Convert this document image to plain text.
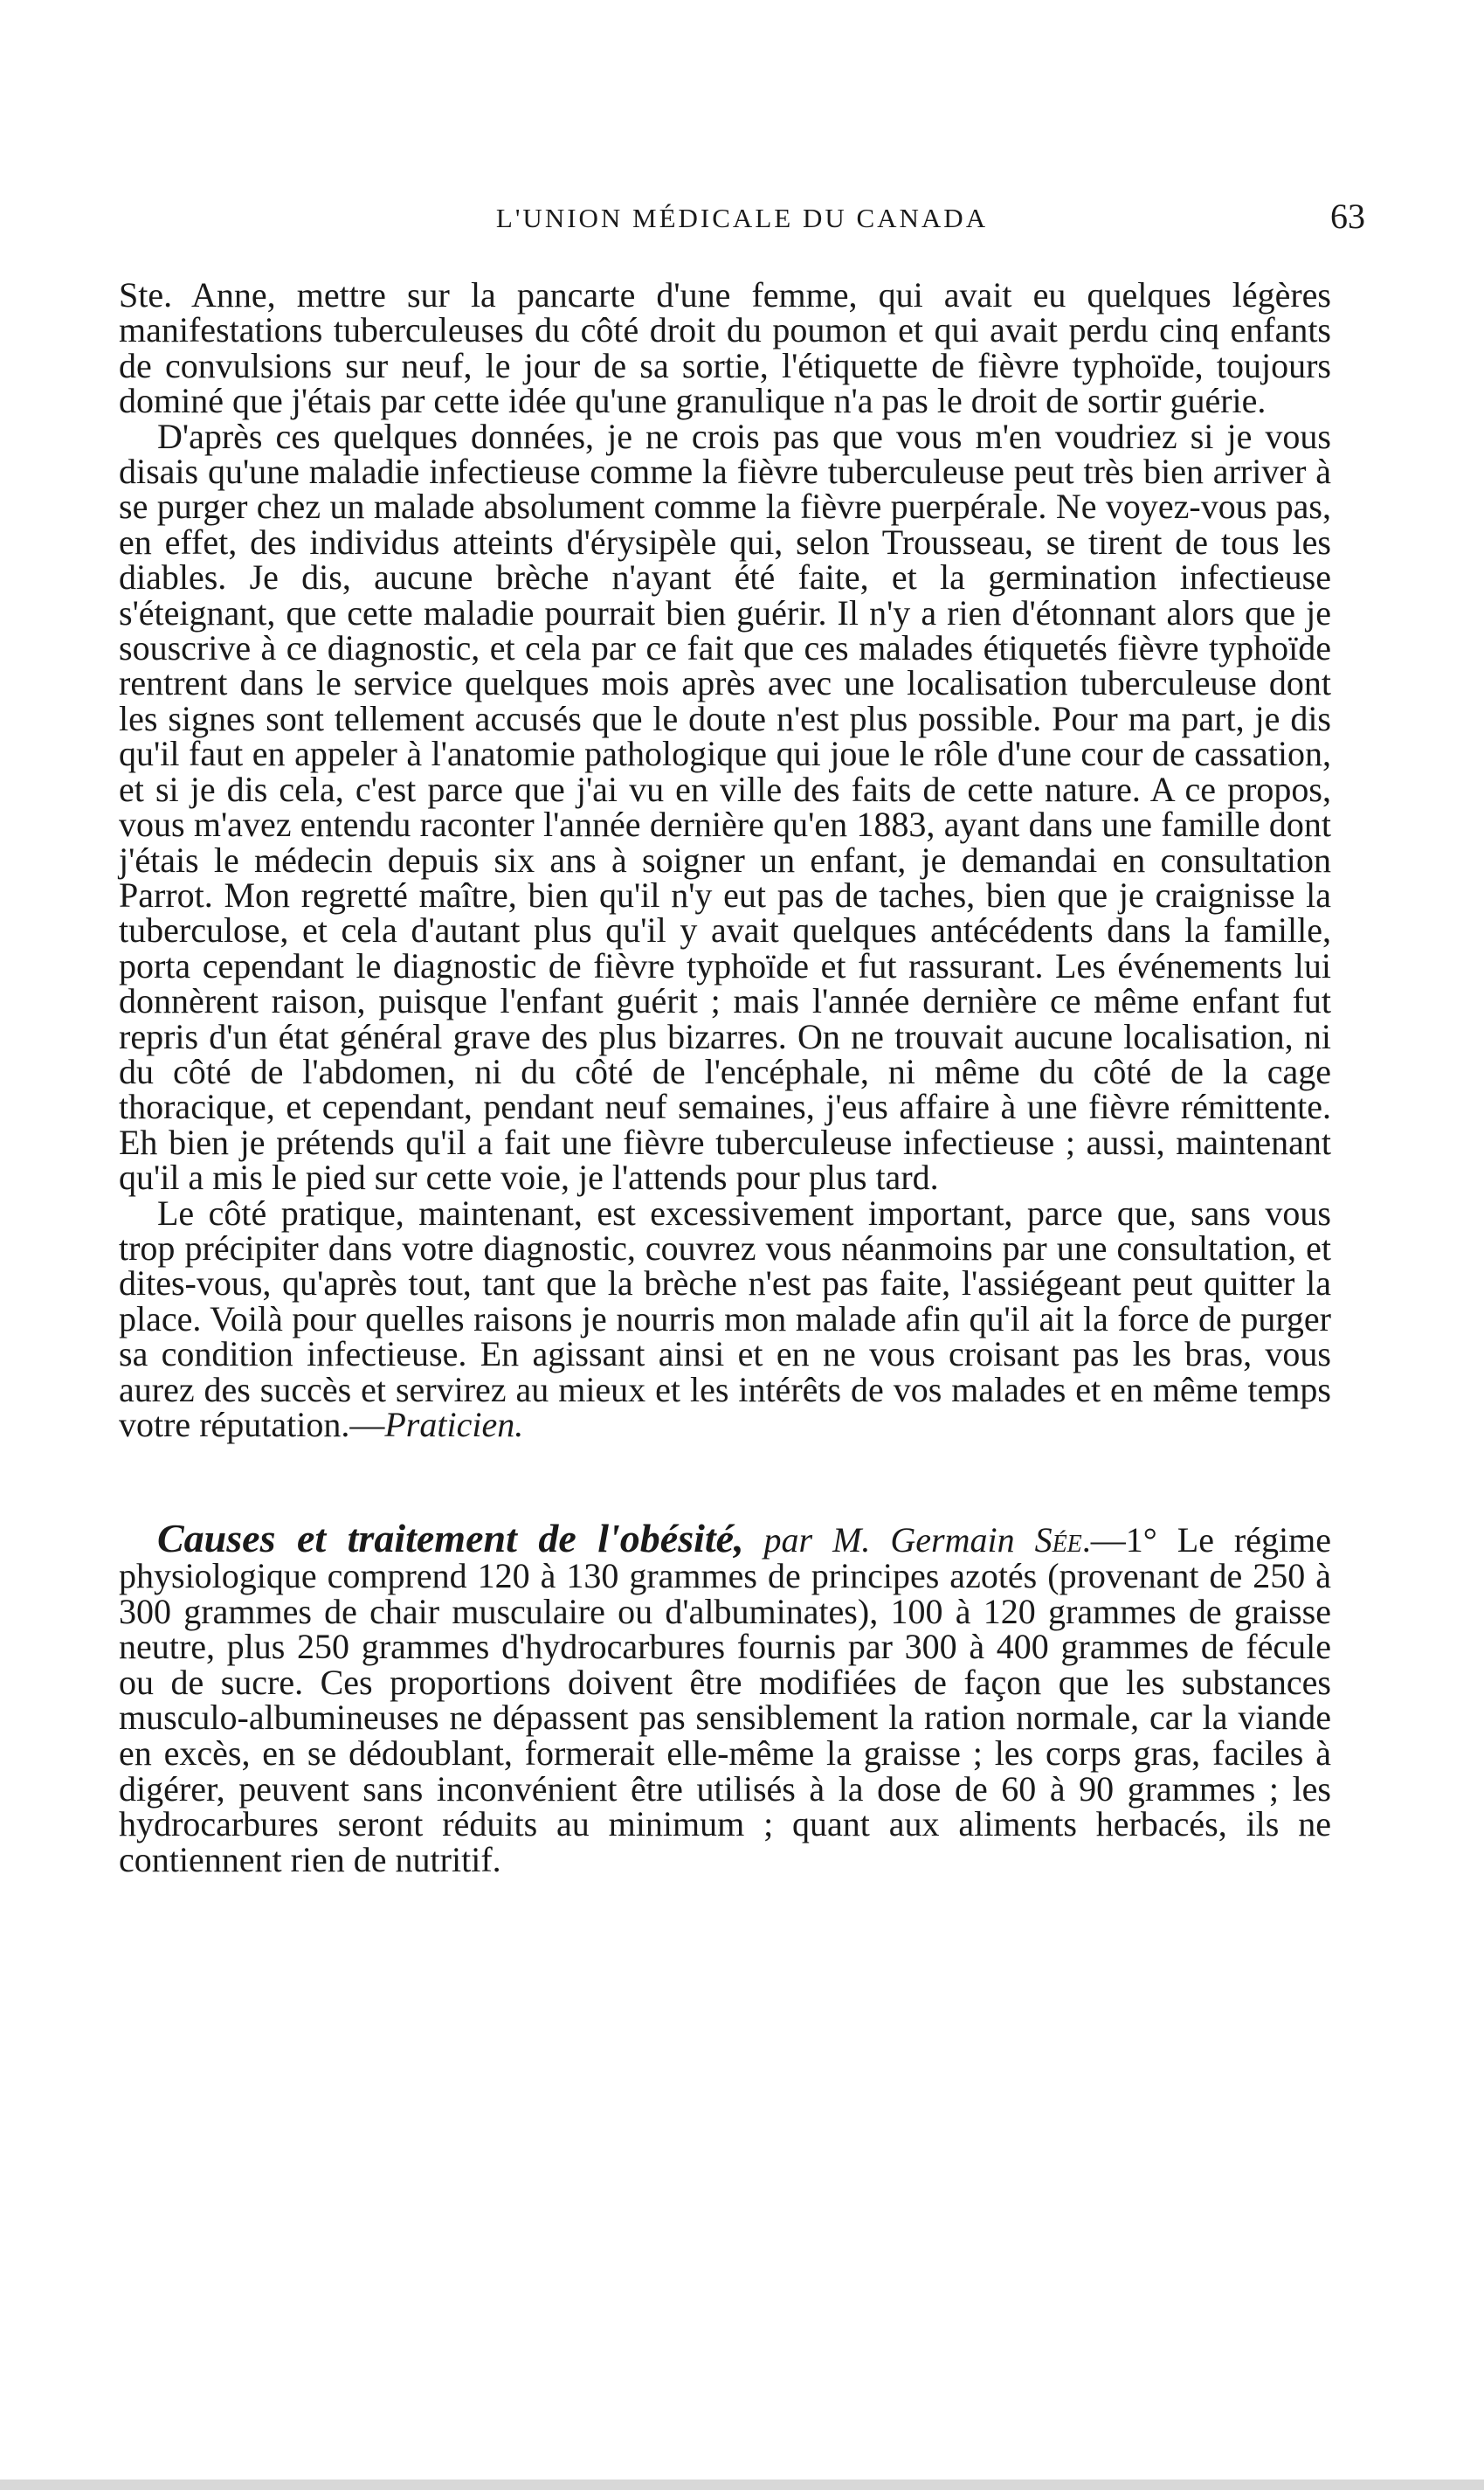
L'UNION MÉDICALE DU CANADA	63

Ste. Anne, mettre sur la pancarte d'une femme, qui avait eu quelques légères manifestations tuberculeuses du côté droit du poumon et qui avait perdu cinq enfants de convulsions sur neuf, le jour de sa sortie, l'étiquette de fièvre typhoïde, toujours dominé que j'étais par cette idée qu'une granulique n'a pas le droit de sortir guérie.

D'après ces quelques données, je ne crois pas que vous m'en voudriez si je vous disais qu'une maladie infectieuse comme la fièvre tuberculeuse peut très bien arriver à se purger chez un malade absolument comme la fièvre puerpérale. Ne voyez-vous pas, en effet, des individus atteints d'érysipèle qui, selon Trousseau, se tirent de tous les diables. Je dis, aucune brèche n'ayant été faite, et la germination infectieuse s'éteignant, que cette maladie pourrait bien guérir. Il n'y a rien d'étonnant alors que je souscrive à ce diagnostic, et cela par ce fait que ces malades étiquetés fièvre typhoïde rentrent dans le service quelques mois après avec une localisation tuberculeuse dont les signes sont tellement accusés que le doute n'est plus possible. Pour ma part, je dis qu'il faut en appeler à l'anatomie pathologique qui joue le rôle d'une cour de cassation, et si je dis cela, c'est parce que j'ai vu en ville des faits de cette nature. A ce propos, vous m'avez entendu raconter l'année dernière qu'en 1883, ayant dans une famille dont j'étais le médecin depuis six ans à soigner un enfant, je demandai en consultation Parrot. Mon regretté maître, bien qu'il n'y eut pas de taches, bien que je craignisse la tuberculose, et cela d'autant plus qu'il y avait quelques antécédents dans la famille, porta cependant le diagnostic de fièvre typhoïde et fut rassurant. Les événements lui donnèrent raison, puisque l'enfant guérit ; mais l'année dernière ce même enfant fut repris d'un état général grave des plus bizarres. On ne trouvait aucune localisation, ni du côté de l'abdomen, ni du côté de l'encéphale, ni même du côté de la cage thoracique, et cependant, pendant neuf semaines, j'eus affaire à une fièvre rémittente. Eh bien je prétends qu'il a fait une fièvre tuberculeuse infectieuse ; aussi, maintenant qu'il a mis le pied sur cette voie, je l'attends pour plus tard.

Le côté pratique, maintenant, est excessivement important, parce que, sans vous trop précipiter dans votre diagnostic, couvrez vous néanmoins par une consultation, et dites-vous, qu'après tout, tant que la brèche n'est pas faite, l'assiégeant peut quitter la place. Voilà pour quelles raisons je nourris mon malade afin qu'il ait la force de purger sa condition infectieuse. En agissant ainsi et en ne vous croisant pas les bras, vous aurez des succès et servirez au mieux et les intérêts de vos malades et en même temps votre réputation.—Praticien.

Causes et traitement de l'obésité, par M. Germain Sée.—1° Le régime physiologique comprend 120 à 130 grammes de principes azotés (provenant de 250 à 300 grammes de chair musculaire ou d'albuminates), 100 à 120 grammes de graisse neutre, plus 250 grammes d'hydrocarbures fournis par 300 à 400 grammes de fécule ou de sucre. Ces proportions doivent être modifiées de façon que les substances musculo-albumineuses ne dépassent pas sensiblement la ration normale, car la viande en excès, en se dédoublant, formerait elle-même la graisse ; les corps gras, faciles à digérer, peuvent sans inconvénient être utilisés à la dose de 60 à 90 grammes ; les hydrocarbures seront réduits au minimum ; quant aux aliments herbacés, ils ne contiennent rien de nutritif.
